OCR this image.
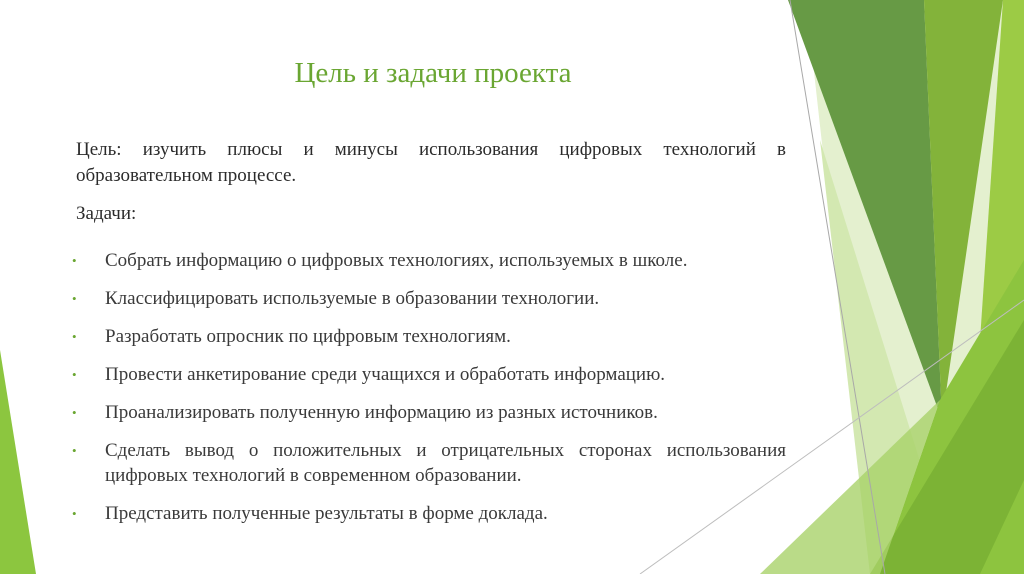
Цель и задачи проекта

Цель: изучить плюсы и минусы использования цифровых технологий в образовательном процессе.

Задачи:
• Собрать информацию о цифровых технологиях, используемых в школе.
• Классифицировать используемые в образовании технологии.
• Разработать опросник по цифровым технологиям.
• Провести анкетирование среди учащихся и обработать информацию.
• Проанализировать полученную информацию из разных источников.
• Сделать вывод о положительных и отрицательных сторонах использования цифровых технологий в современном образовании.
• Представить полученные результаты в форме доклада.
